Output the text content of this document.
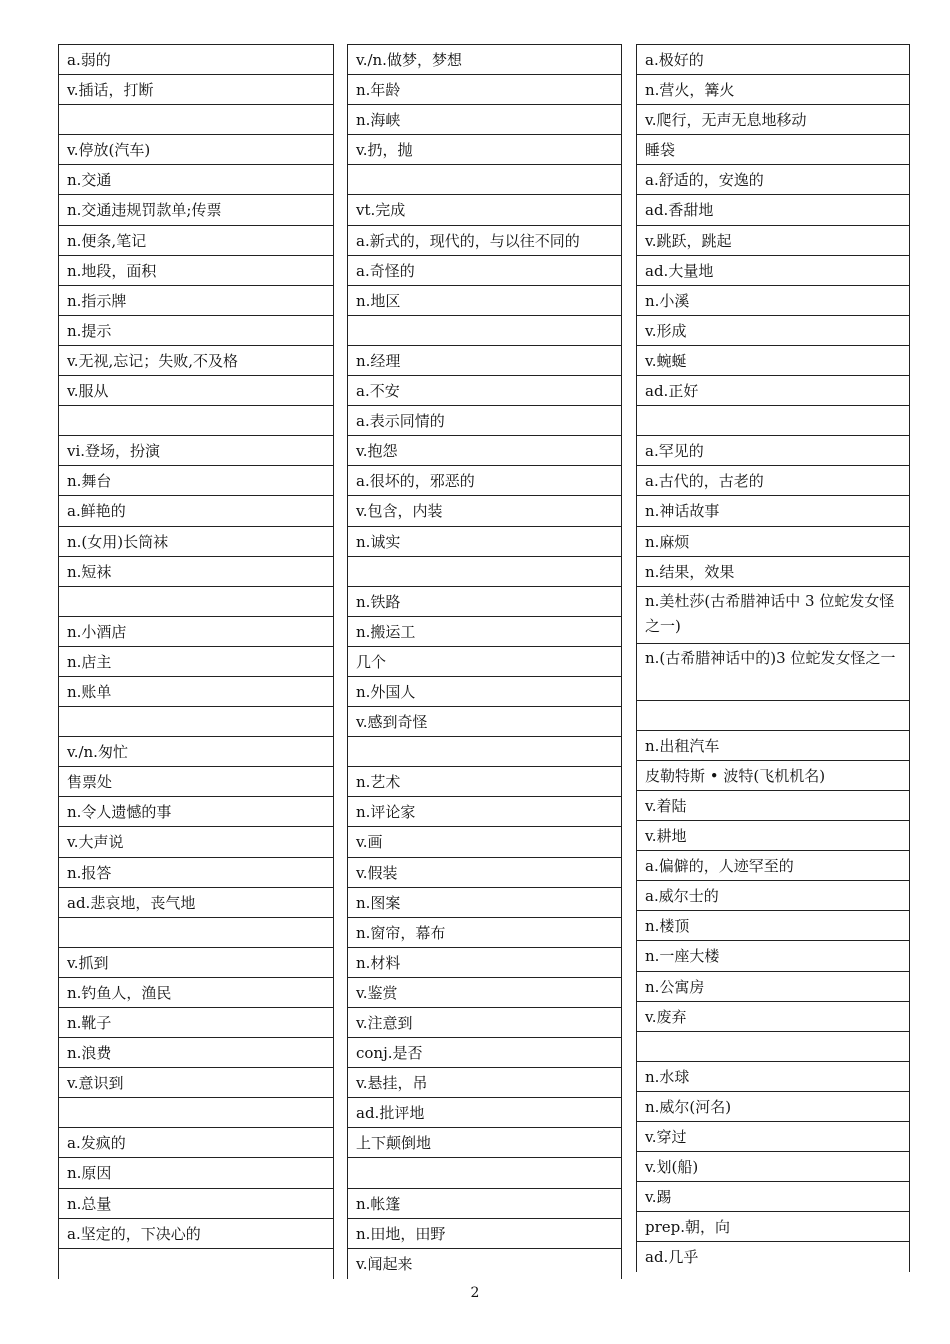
a.弱的
v.插话，打断
v.停放(汽车)
n.交通
n.交通违规罚款单;传票
n.便条,笔记
n.地段，面积
n.指示牌
n.提示
v.无视,忘记；失败,不及格
v.服从
vi.登场，扮演
n.舞台
a.鲜艳的
n.(女用)长筒袜
n.短袜
n.小酒店
n.店主
n.账单
v./n.匆忙
售票处
n.令人遗憾的事
v.大声说
n.报答
ad.悲哀地，丧气地
v.抓到
n.钓鱼人，渔民
n.靴子
n.浪费
v.意识到
a.发疯的
n.原因
n.总量
a.坚定的，下决心的
v./n.做梦，梦想
n.年龄
n.海峡
v.扔，抛
vt.完成
a.新式的，现代的，与以往不同的
a.奇怪的
n.地区
n.经理
a.不安
a.表示同情的
v.抱怨
a.很坏的，邪恶的
v.包含，内装
n.诚实
n.铁路
n.搬运工
几个
n.外国人
v.感到奇怪
n.艺术
n.评论家
v.画
v.假装
n.图案
n.窗帘，幕布
n.材料
v.鉴赏
v.注意到
conj.是否
v.悬挂，吊
ad.批评地
上下颠倒地
n.帐篷
n.田地，田野
v.闻起来
a.极好的
n.营火，篝火
v.爬行，无声无息地移动
睡袋
a.舒适的，安逸的
ad.香甜地
v.跳跃，跳起
ad.大量地
n.小溪
v.形成
v.蜿蜒
ad.正好
a.罕见的
a.古代的，古老的
n.神话故事
n.麻烦
n.结果，效果
n.美杜莎(古希腊神话中 3 位蛇发女怪之一)
n.(古希腊神话中的)3 位蛇发女怪之一
n.出租汽车
皮勒特斯 • 波特(飞机机名)
v.着陆
v.耕地
a.偏僻的，人迹罕至的
a.威尔士的
n.楼顶
n.一座大楼
n.公寓房
v.废弃
n.水球
n.威尔(河名)
v.穿过
v.划(船)
v.踢
prep.朝，向
ad.几乎
2
